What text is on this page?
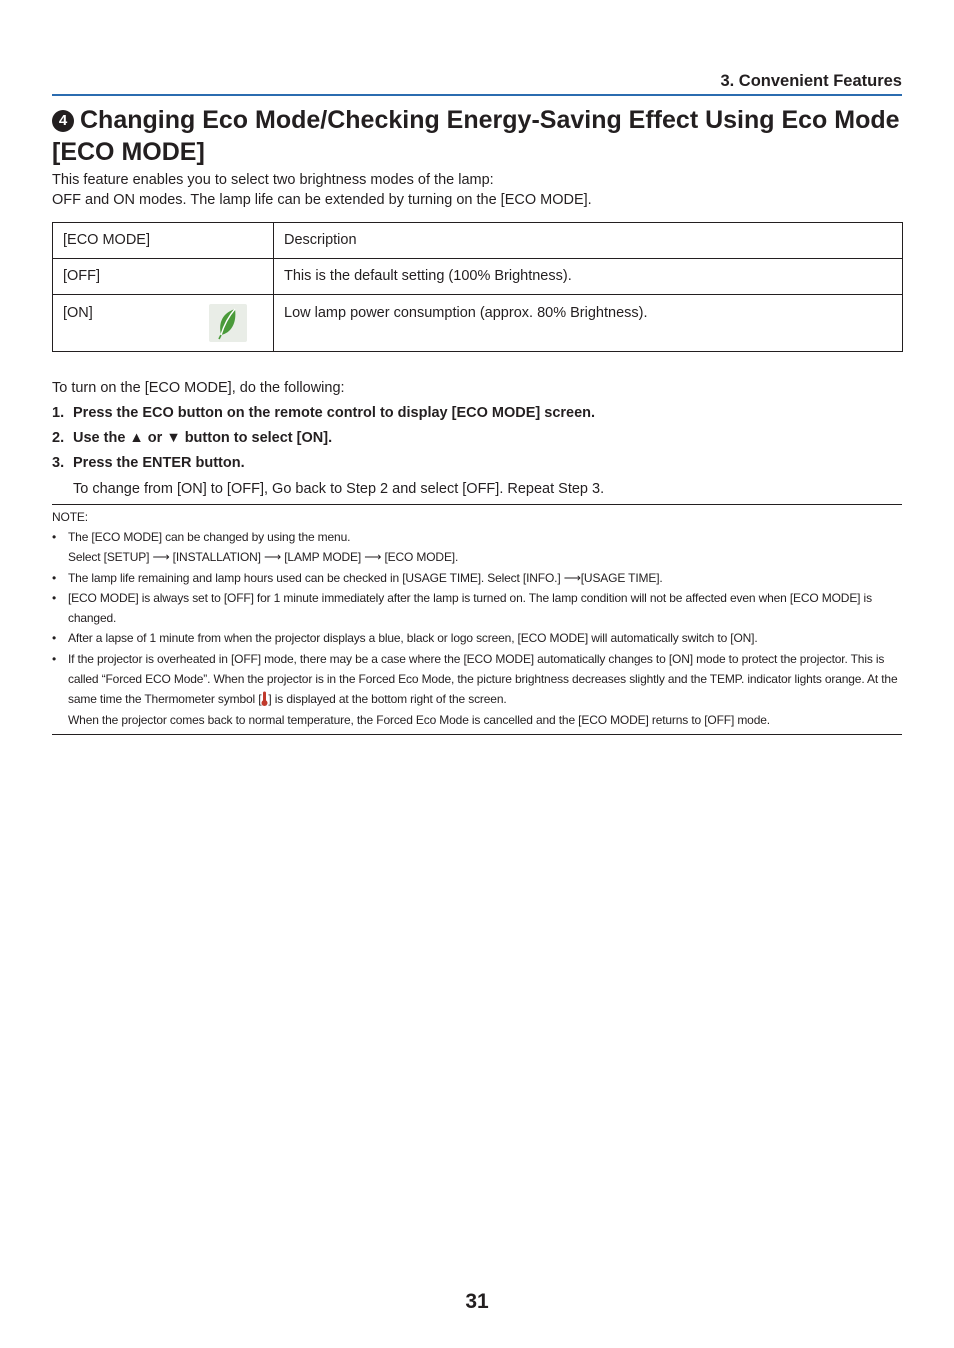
3. Convenient Features
4 Changing Eco Mode/Checking Energy-Saving Effect Using Eco Mode
[ECO MODE]
This feature enables you to select two brightness modes of the lamp:
OFF and ON modes. The lamp life can be extended by turning on the [ECO MODE].
[ECO MODE]	Description
[OFF]	This is the default setting (100% Brightness).
[ON]	Low lamp power consumption (approx. 80% Brightness).
To turn on the [ECO MODE], do the following:
1. Press the ECO button on the remote control to display [ECO MODE] screen.
2. Use the ▲ or ▼ button to select [ON].
3. Press the ENTER button.
To change from [ON] to [OFF], Go back to Step 2 and select [OFF]. Repeat Step 3.
NOTE:
• The [ECO MODE] can be changed by using the menu.
Select [SETUP] ⟶ [INSTALLATION] ⟶ [LAMP MODE] ⟶ [ECO MODE].
• The lamp life remaining and lamp hours used can be checked in [USAGE TIME]. Select [INFO.] ⟶[USAGE TIME].
• [ECO MODE] is always set to [OFF] for 1 minute immediately after the lamp is turned on. The lamp condition will not be affected even when [ECO MODE] is changed.
• After a lapse of 1 minute from when the projector displays a blue, black or logo screen, [ECO MODE] will automatically switch to [ON].
• If the projector is overheated in [OFF] mode, there may be a case where the [ECO MODE] automatically changes to [ON] mode to protect the projector. This is called “Forced ECO Mode”. When the projector is in the Forced Eco Mode, the picture brightness decreases slightly and the TEMP. indicator lights orange. At the same time the Thermometer symbol [ ] is displayed at the bottom right of the screen.
When the projector comes back to normal temperature, the Forced Eco Mode is cancelled and the [ECO MODE] returns to [OFF] mode.
31
